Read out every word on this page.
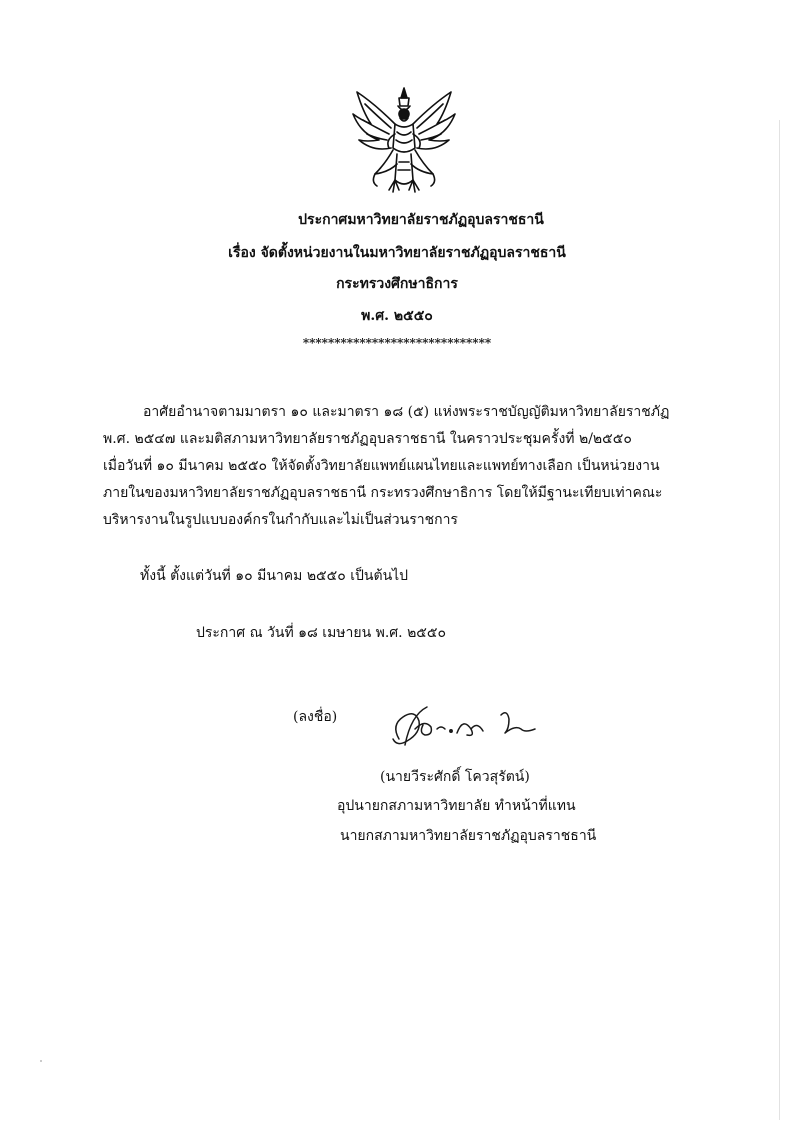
ประกาศมหาวิทยาลัยราชภัฏอุบลราชธานี
เรื่อง จัดตั้งหน่วยงานในมหาวิทยาลัยราชภัฏอุบลราชธานี
กระทรวงศึกษาธิการ
พ.ศ. ๒๕๕๐
******************************
อาศัยอำนาจตามมาตรา ๑๐ และมาตรา ๑๘ (๕) แห่งพระราชบัญญัติมหาวิทยาลัยราชภัฏ
พ.ศ. ๒๕๔๗ และมติสภามหาวิทยาลัยราชภัฏอุบลราชธานี ในคราวประชุมครั้งที่ ๒/๒๕๕๐
เมื่อวันที่ ๑๐ มีนาคม ๒๕๕๐ ให้จัดตั้งวิทยาลัยแพทย์แผนไทยและแพทย์ทางเลือก เป็นหน่วยงาน
ภายในของมหาวิทยาลัยราชภัฏอุบลราชธานี กระทรวงศึกษาธิการ โดยให้มีฐานะเทียบเท่าคณะ
บริหารงานในรูปแบบองค์กรในกำกับและไม่เป็นส่วนราชการ
ทั้งนี้ ตั้งแต่วันที่ ๑๐ มีนาคม ๒๕๕๐ เป็นต้นไป
ประกาศ ณ วันที่ ๑๘ เมษายน พ.ศ. ๒๕๕๐
(ลงชื่อ)
(นายวีระศักดิ์ โควสุรัตน์)
อุปนายกสภามหาวิทยาลัย ทำหน้าที่แทน
นายกสภามหาวิทยาลัยราชภัฏอุบลราชธานี
